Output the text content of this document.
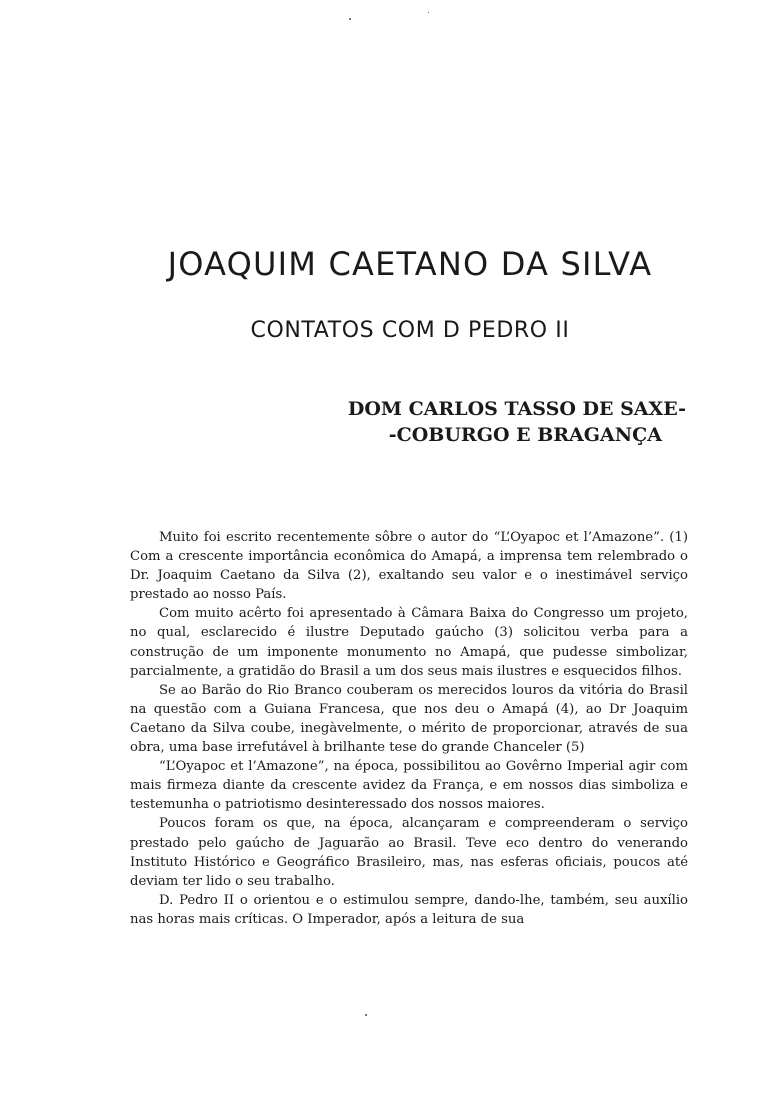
JOAQUIM CAETANO DA SILVA
CONTATOS COM D PEDRO II
DOM CARLOS TASSO DE SAXE-
-COBURGO E BRAGANÇA

Muito foi escrito recentemente sôbre o autor do “L’Oyapoc et l’Amazone”. (1) Com a crescente importância econômica do Amapá, a imprensa tem relembrado o Dr. Joaquim Caetano da Silva (2), exaltando seu valor e o inestimável serviço prestado ao nosso País.

Com muito acêrto foi apresentado à Câmara Baixa do Congresso um projeto, no qual, esclarecido é ilustre Deputado gaúcho (3) solicitou verba para a construção de um imponente monumento no Amapá, que pudesse simbolizar, parcialmente, a gratidão do Brasil a um dos seus mais ilustres e esquecidos filhos.

Se ao Barão do Rio Branco couberam os merecidos louros da vitória do Brasil na questão com a Guiana Francesa, que nos deu o Amapá (4), ao Dr Joaquim Caetano da Silva coube, inegàvelmente, o mérito de proporcionar, através de sua obra, uma base irrefutável à brilhante tese do grande Chanceler (5)

“L’Oyapoc et l’Amazone”, na época, possibilitou ao Govêrno Imperial agir com mais firmeza diante da crescente avidez da França, e em nossos dias simboliza e testemunha o patriotismo desinteressado dos nossos maiores.

Poucos foram os que, na época, alcançaram e compreenderam o serviço prestado pelo gaúcho de Jaguarão ao Brasil. Teve eco dentro do venerando Instituto Histórico e Geográfico Brasileiro, mas, nas esferas oficiais, poucos até deviam ter lido o seu trabalho.

D. Pedro II o orientou e o estimulou sempre, dando-lhe, também, seu auxílio nas horas mais críticas. O Imperador, após a leitura de sua
